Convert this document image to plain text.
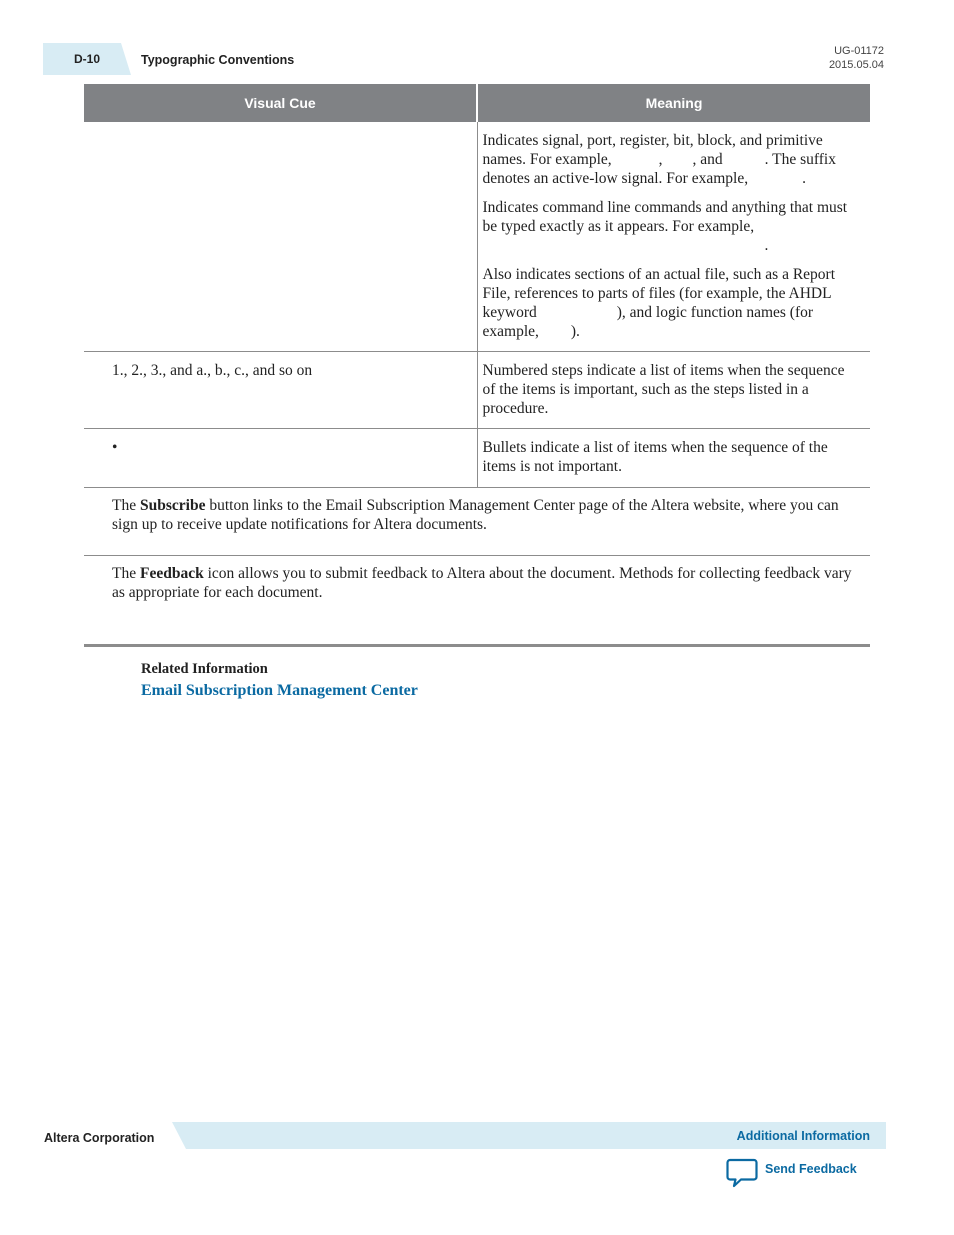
D-10	Typographic Conventions
UG-01172
2015.05.04
Visual Cue	Meaning

	Indicates signal, port, register, bit, block, and primitive names. For example, , , and . The suffixdenotes an active-low signal. For example, .

Indicates command line commands and anything that must be typed exactly as it appears. For example,.

Also indicates sections of an actual file, such as a Report File, references to parts of files (for example, the AHDL keyword ), and logic function names (for example, ).

1., 2., 3., and a., b., c., and so on	Numbered steps indicate a list of items when the sequence of the items is important, such as the steps listed in a procedure.
•	Bullets indicate a list of items when the sequence of the items is not important.
The Subscribe button links to the Email Subscription Management Center page of the Altera website, where you can sign up to receive update notifications for Altera documents.	
The Feedback icon allows you to submit feedback to Altera about the document. Methods for collecting feedback vary as appropriate for each document.	
Related Information
Email Subscription Management Center
Altera Corporation	Additional Information
Send Feedback
